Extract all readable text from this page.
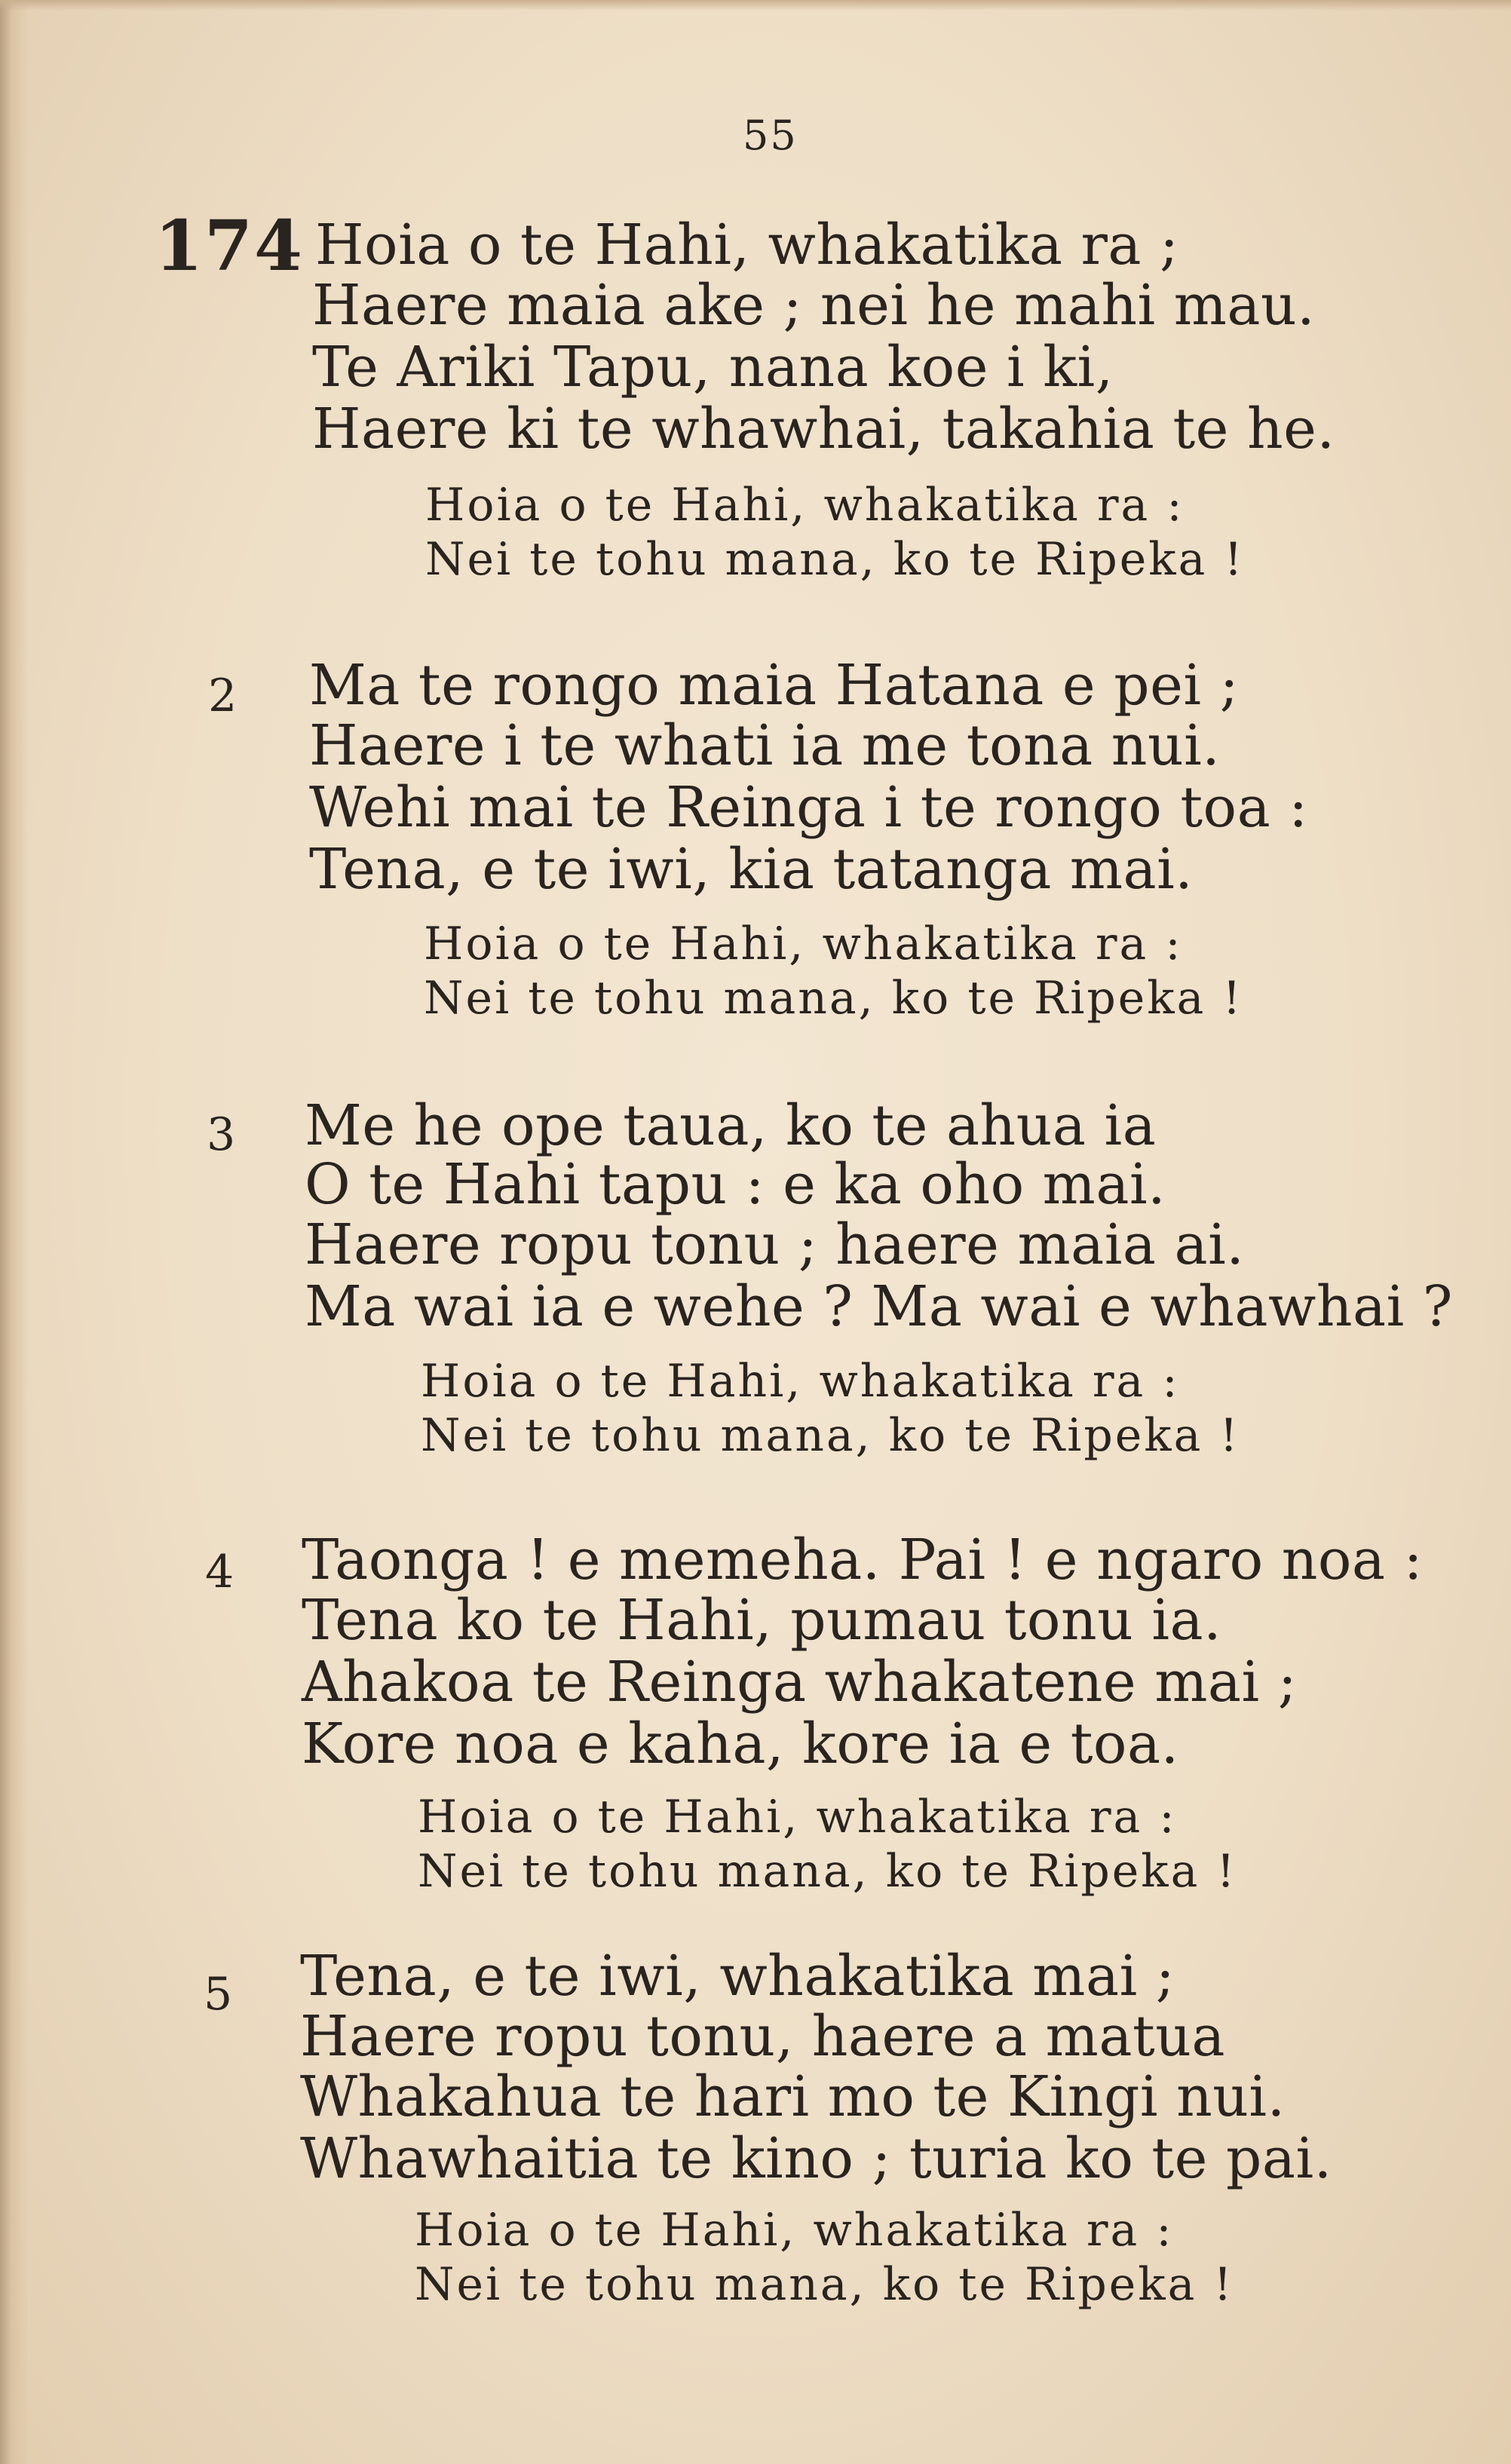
55
174 Hoia o te Hahi, whakatika ra ;
Haere maia ake ; nei he mahi mau.
Te Ariki Tapu, nana koe i ki,
Haere ki te whawhai, takahia te he.
Hoia o te Hahi, whakatika ra :
Nei te tohu mana, ko te Ripeka !
2 Ma te rongo maia Hatana e pei ;
Haere i te whati ia me tona nui.
Wehi mai te Reinga i te rongo toa :
Tena, e te iwi, kia tatanga mai.
Hoia o te Hahi, whakatika ra :
Nei te tohu mana, ko te Ripeka !
3 Me he ope taua, ko te ahua ia
O te Hahi tapu : e ka oho mai.
Haere ropu tonu ; haere maia ai.
Ma wai ia e wehe ? Ma wai e whawhai ?
Hoia o te Hahi, whakatika ra :
Nei te tohu mana, ko te Ripeka !
4 Taonga ! e memeha. Pai ! e ngaro noa :
Tena ko te Hahi, pumau tonu ia.
Ahakoa te Reinga whakatene mai ;
Kore noa e kaha, kore ia e toa.
Hoia o te Hahi, whakatika ra :
Nei te tohu mana, ko te Ripeka !
5 Tena, e te iwi, whakatika mai ;
Haere ropu tonu, haere a matua
Whakahua te hari mo te Kingi nui.
Whawhaitia te kino ; turia ko te pai.
Hoia o te Hahi, whakatika ra :
Nei te tohu mana, ko te Ripeka !
